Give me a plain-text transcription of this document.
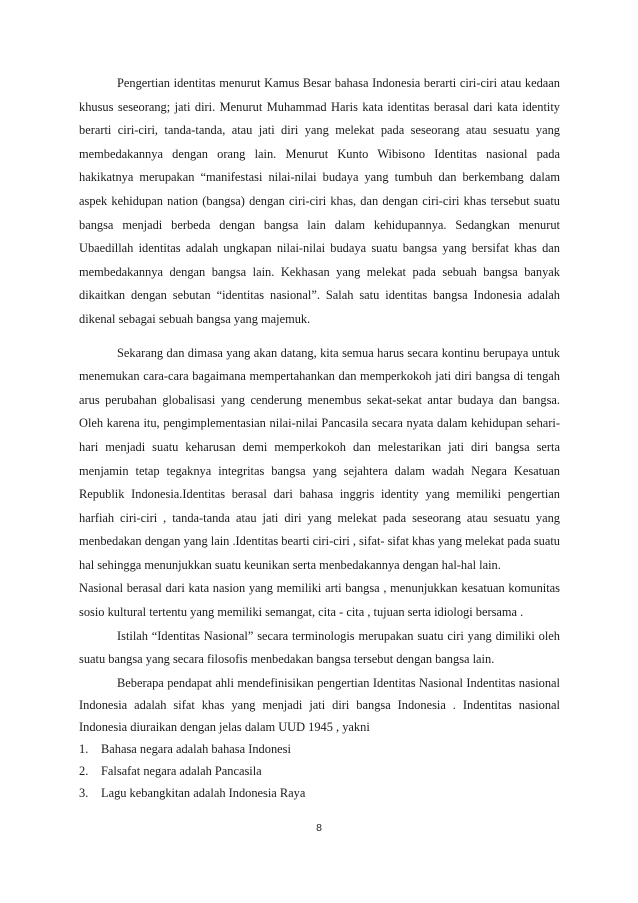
Pengertian identitas menurut Kamus Besar bahasa Indonesia berarti ciri-ciri atau kedaan khusus seseorang; jati diri. Menurut Muhammad Haris kata identitas berasal dari kata identity berarti ciri-ciri, tanda-tanda, atau jati diri yang melekat pada seseorang atau sesuatu yang membedakannya dengan orang lain. Menurut Kunto Wibisono Identitas nasional pada hakikatnya merupakan “manifestasi nilai-nilai budaya yang tumbuh dan berkembang dalam aspek kehidupan nation (bangsa) dengan ciri-ciri khas, dan dengan ciri-ciri khas tersebut suatu bangsa menjadi berbeda dengan bangsa lain dalam kehidupannya. Sedangkan menurut Ubaedillah identitas adalah ungkapan nilai-nilai budaya suatu bangsa yang bersifat khas dan membedakannya dengan bangsa lain. Kekhasan yang melekat pada sebuah bangsa banyak dikaitkan dengan sebutan “identitas nasional”. Salah satu identitas bangsa Indonesia adalah dikenal sebagai sebuah bangsa yang majemuk.

Sekarang dan dimasa yang akan datang, kita semua harus secara kontinu berupaya untuk menemukan cara-cara bagaimana mempertahankan dan memperkokoh jati diri bangsa di tengah arus perubahan globalisasi yang cenderung menembus sekat-sekat antar budaya dan bangsa. Oleh karena itu, pengimplementasian nilai-nilai Pancasila secara nyata dalam kehidupan sehari-hari menjadi suatu keharusan demi memperkokoh dan melestarikan jati diri bangsa serta menjamin tetap tegaknya integritas bangsa yang sejahtera dalam wadah Negara Kesatuan Republik Indonesia.Identitas berasal dari bahasa inggris identity yang memiliki pengertian harfiah ciri-ciri , tanda-tanda atau jati diri yang melekat pada seseorang atau sesuatu yang menbedakan dengan yang lain .Identitas bearti ciri-ciri , sifat- sifat khas yang melekat pada suatu hal sehingga menunjukkan suatu keunikan serta menbedakannya dengan hal-hal lain.

Nasional berasal dari kata nasion yang memiliki arti bangsa , menunjukkan kesatuan komunitas sosio kultural tertentu yang memiliki semangat, cita - cita , tujuan serta idiologi bersama .

Istilah “Identitas Nasional” secara terminologis merupakan suatu ciri yang dimiliki oleh suatu bangsa yang secara filosofis menbedakan bangsa tersebut dengan bangsa lain.

Beberapa pendapat ahli mendefinisikan pengertian Identitas Nasional Indentitas nasional Indonesia adalah sifat khas yang menjadi jati diri bangsa Indonesia . Indentitas nasional Indonesia diuraikan dengan jelas dalam UUD 1945 , yakni

1. Bahasa negara adalah bahasa Indonesi
2. Falsafat negara adalah Pancasila
3. Lagu kebangkitan adalah Indonesia Raya
8
